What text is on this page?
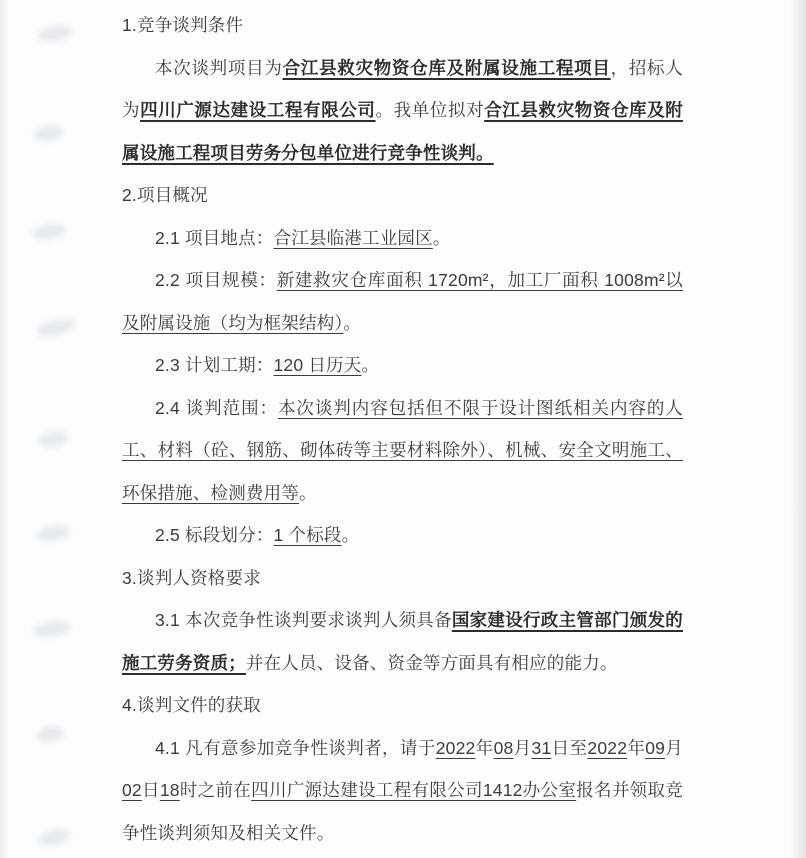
1.竞争谈判条件

本次谈判项目为合江县救灾物资仓库及附属设施工程项目，招标人为四川广源达建设工程有限公司。我单位拟对合江县救灾物资仓库及附属设施工程项目劳务分包单位进行竞争性谈判。

2.项目概况

2.1 项目地点：合江县临港工业园区。

2.2 项目规模：新建救灾仓库面积 1720m²，加工厂面积 1008m²以及附属设施（均为框架结构）。

2.3 计划工期：120 日历天。

2.4 谈判范围：本次谈判内容包括但不限于设计图纸相关内容的人工、材料（砼、钢筋、砌体砖等主要材料除外）、机械、安全文明施工、环保措施、检测费用等。

2.5 标段划分：1 个标段。

3.谈判人资格要求

3.1 本次竞争性谈判要求谈判人须具备国家建设行政主管部门颁发的施工劳务资质；并在人员、设备、资金等方面具有相应的能力。

4.谈判文件的获取

4.1 凡有意参加竞争性谈判者，请于2022年08月31日至2022年09月02日18时之前在四川广源达建设工程有限公司1412办公室报名并领取竞争性谈判须知及相关文件。
